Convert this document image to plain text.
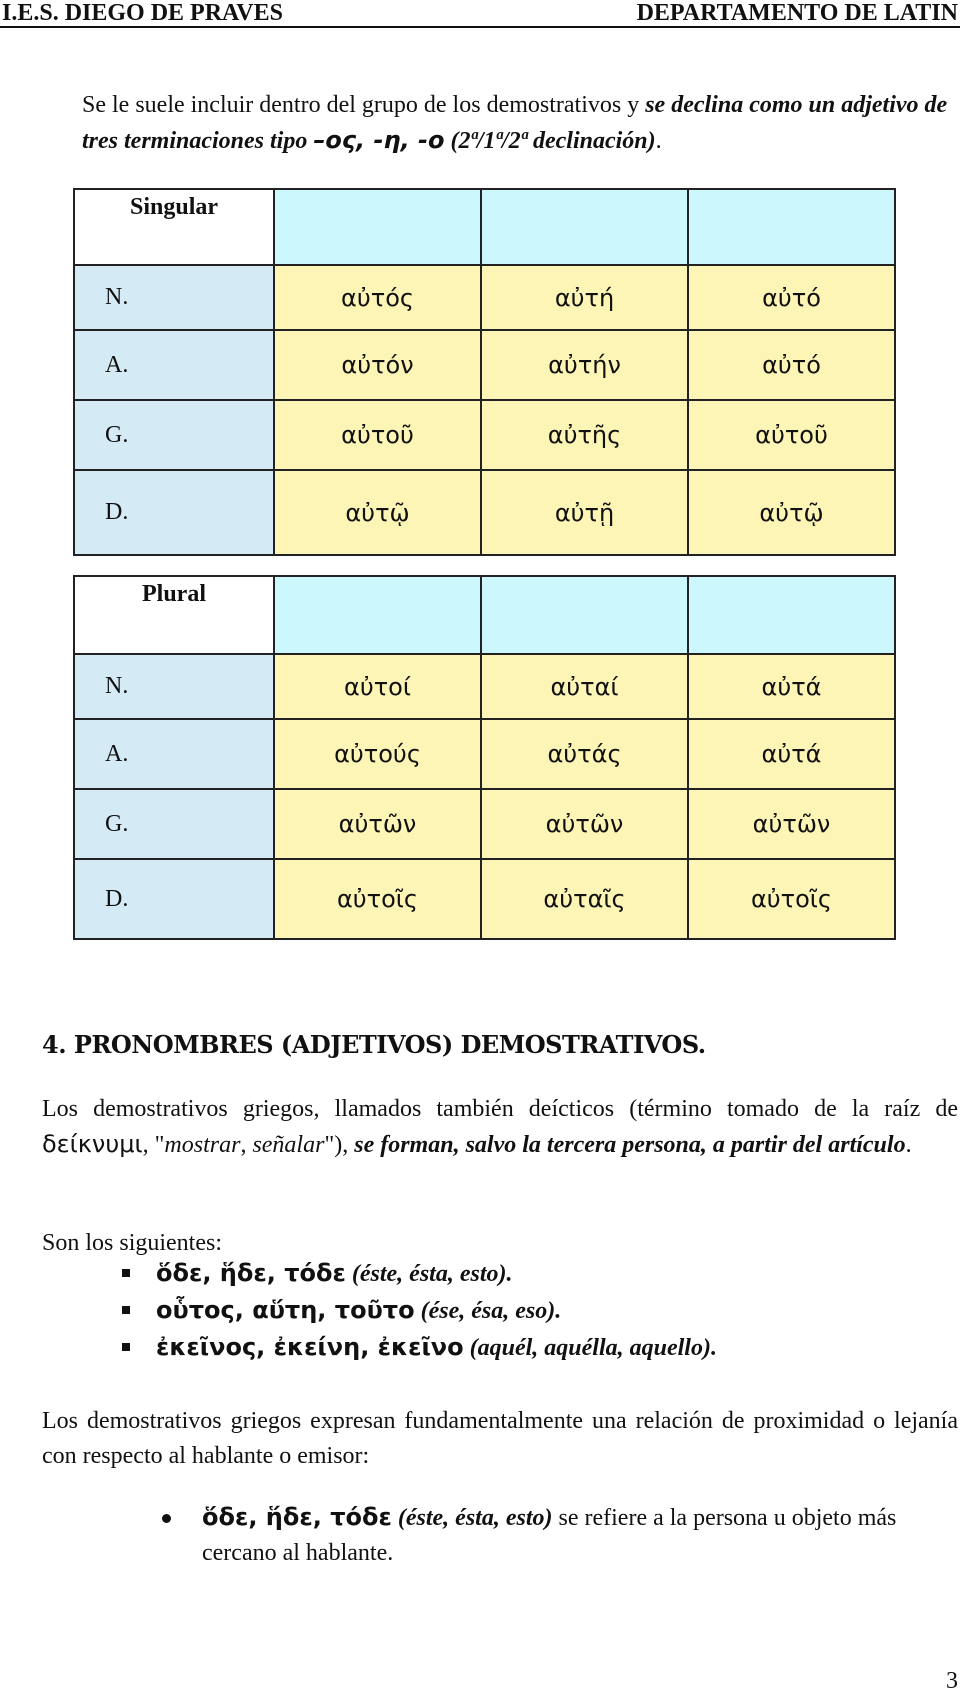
I.E.S. DIEGO DE PRAVES	DEPARTAMENTO DE LATIN

Se le suele incluir dentro del grupo de los demostrativos y se declina como un adjetivo de tres terminaciones tipo –ος, -η, -ο (2ª/1ª/2ª declinación).

Singular			

N.	αὐτός	αὐτή	αὐτό
A.	αὐτόν	αὐτήν	αὐτό
G.	αὐτοῦ	αὐτῆς	αὐτοῦ
D.	αὐτῷ	αὐτῇ	αὐτῷ
Plural			

N.	αὐτοί	αὐταί	αὐτά
A.	αὐτούς	αὐτάς	αὐτά
G.	αὐτῶν	αὐτῶν	αὐτῶν
D.	αὐτοῖς	αὐταῖς	αὐτοῖς
4. PRONOMBRES (ADJETIVOS) DEMOSTRATIVOS.

Los demostrativos griegos, llamados también deícticos (término tomado de la raíz de δείκνυμι, "mostrar, señalar"), se forman, salvo la tercera persona, a partir del artículo.

Son los siguientes:

ὅδε, ἥδε, τόδε (éste, ésta, esto).
οὗτος, αὕτη, τοῦτο (ése, ésa, eso).
ἐκεῖνος, ἐκείνη, ἐκεῖνο (aquél, aquélla, aquello).

Los demostrativos griegos expresan fundamentalmente una relación de proximidad o lejanía con respecto al hablante o emisor:

ὅδε, ἥδε, τόδε (éste, ésta, esto) se refiere a la persona u objeto más cercano al hablante.
3
